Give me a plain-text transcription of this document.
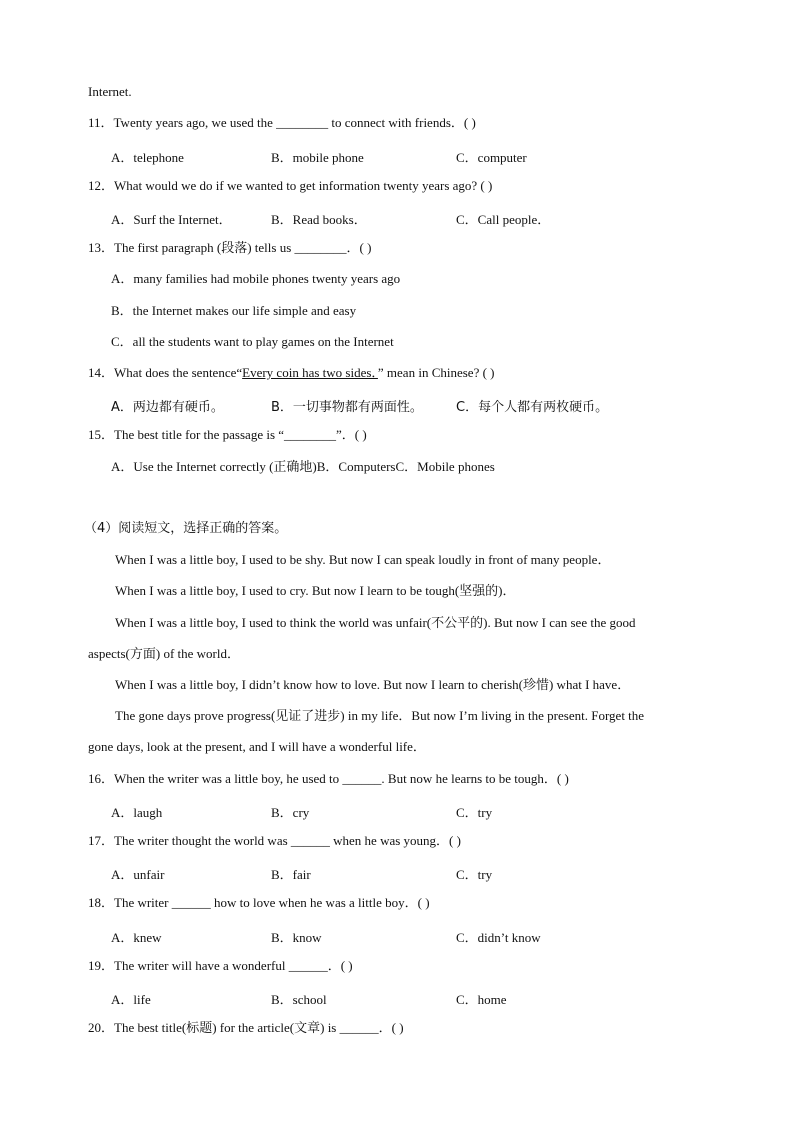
Internet.
11．Twenty years ago, we used the ________ to connect with friends．( )
A．telephone	B．mobile phone	C．computer
12．What would we do if we wanted to get information twenty years ago? ( )
A．Surf the Internet．	B．Read books．	C．Call people．
13．The first paragraph (段落) tells us ________．( )
A．many families had mobile phones twenty years ago
B．the Internet makes our life simple and easy
C．all the students want to play games on the Internet
14．What does the sentence“Every coin has two sides．” mean in Chinese? ( )
A．两边都有硬币。	B．一切事物都有两面性。	C．每个人都有两枚硬币。
15．The best title for the passage is “________”．( )
A．Use the Internet correctly (正确地)B．ComputersC．Mobile phones
（4）阅读短文，选择正确的答案。
When I was a little boy, I used to be shy. But now I can speak loudly in front of many people．
When I was a little boy, I used to cry. But now I learn to be tough(坚强的)．
When I was a little boy, I used to think the world was unfair(不公平的). But now I can see the good
aspects(方面) of the world．
When I was a little boy, I didn’t know how to love. But now I learn to cherish(珍惜) what I have．
The gone days prove progress(见证了进步) in my life．But now I’m living in the present. Forget the
gone days, look at the present, and I will have a wonderful life．
16．When the writer was a little boy, he used to ______. But now he learns to be tough．( )
A．laugh	B．cry	C．try
17．The writer thought the world was ______ when he was young．( )
A．unfair	B．fair	C．try
18．The writer ______ how to love when he was a little boy．( )
A．knew	B．know	C．didn’t know
19．The writer will have a wonderful ______．( )
A．life	B．school	C．home
20．The best title(标题) for the article(文章) is ______．( )
